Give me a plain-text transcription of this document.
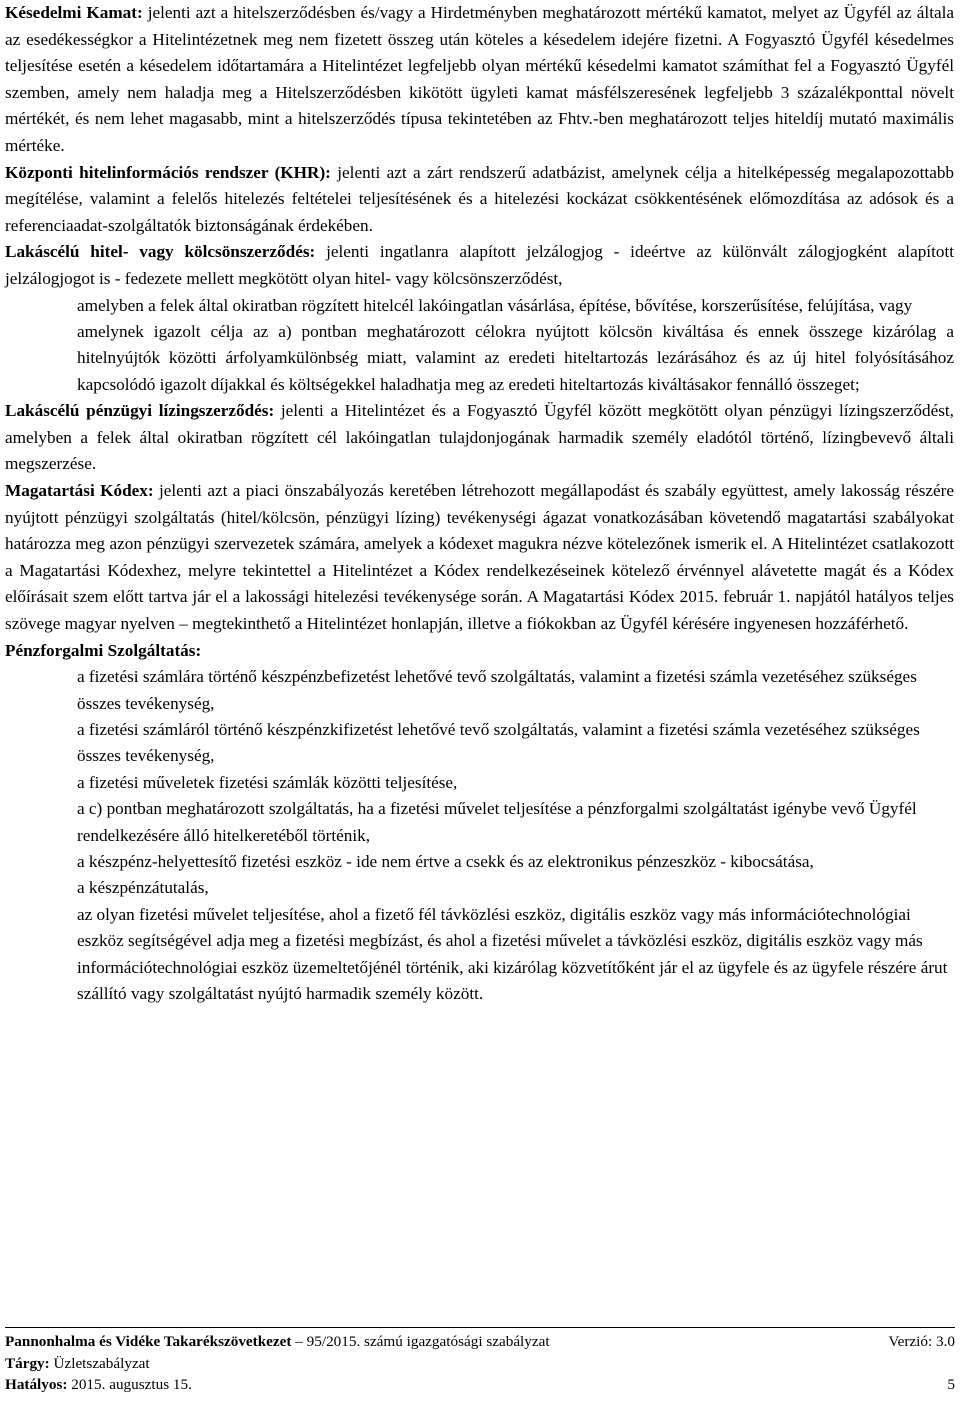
Késedelmi Kamat: jelenti azt a hitelszerződésben és/vagy a Hirdetményben meghatározott mértékű kamatot, melyet az Ügyfél az általa az esedékességkor a Hitelintézetnek meg nem fizetett összeg után köteles a késedelem idejére fizetni. A Fogyasztó Ügyfél késedelmes teljesítése esetén a késedelem időtartamára a Hitelintézet legfeljebb olyan mértékű késedelmi kamatot számíthat fel a Fogyasztó Ügyfél szemben, amely nem haladja meg a Hitelszerződésben kikötött ügyleti kamat másfélszeresének legfeljebb 3 százalékponttal növelt mértékét, és nem lehet magasabb, mint a hitelszerződés típusa tekintetében az Fhtv.-ben meghatározott teljes hiteldíj mutató maximális mértéke.

Központi hitelinformációs rendszer (KHR): jelenti azt a zárt rendszerű adatbázist, amelynek célja a hitelképesség megalapozottabb megítélése, valamint a felelős hitelezés feltételei teljesítésének és a hitelezési kockázat csökkentésének előmozdítása az adósok és a referenciaadat-szolgáltatók biztonságának érdekében.

Lakáscélú hitel- vagy kölcsönszerződés: jelenti ingatlanra alapított jelzálogjog - ideértve az különvált zálogjogként alapított jelzálogjogot is - fedezete mellett megkötött olyan hitel- vagy kölcsönszerződést,

amelyben a felek által okiratban rögzített hitelcél lakóingatlan vásárlása, építése, bővítése, korszerűsítése, felújítása, vagy
amelynek igazolt célja az a) pontban meghatározott célokra nyújtott kölcsön kiváltása és ennek összege kizárólag a hitelnyújtók közötti árfolyamkülönbség miatt, valamint az eredeti hiteltartozás lezárásához és az új hitel folyósításához kapcsolódó igazolt díjakkal és költségekkel haladhatja meg az eredeti hiteltartozás kiváltásakor fennálló összeget;

Lakáscélú pénzügyi lízingszerződés: jelenti a Hitelintézet és a Fogyasztó Ügyfél között megkötött olyan pénzügyi lízingszerződést, amelyben a felek által okiratban rögzített cél lakóingatlan tulajdonjogának harmadik személy eladótól történő, lízingbevevő általi megszerzése.

Magatartási Kódex: jelenti azt a piaci önszabályozás keretében létrehozott megállapodást és szabály együttest, amely lakosság részére nyújtott pénzügyi szolgáltatás (hitel/kölcsön, pénzügyi lízing) tevékenységi ágazat vonatkozásában követendő magatartási szabályokat határozza meg azon pénzügyi szervezetek számára, amelyek a kódexet magukra nézve kötelezőnek ismerik el. A Hitelintézet csatlakozott a Magatartási Kódexhez, melyre tekintettel a Hitelintézet a Kódex rendelkezéseinek kötelező érvénnyel alávetette magát és a Kódex előírásait szem előtt tartva jár el a lakossági hitelezési tevékenysége során. A Magatartási Kódex 2015. február 1. napjától hatályos teljes szövege magyar nyelven – megtekinthető a Hitelintézet honlapján, illetve a fiókokban az Ügyfél kérésére ingyenesen hozzáférhető.

Pénzforgalmi Szolgáltatás:

a fizetési számlára történő készpénzbefizetést lehetővé tevő szolgáltatás, valamint a fizetési számla vezetéséhez szükséges összes tevékenység,
a fizetési számláról történő készpénzkifizetést lehetővé tevő szolgáltatás, valamint a fizetési számla vezetéséhez szükséges összes tevékenység,
a fizetési műveletek fizetési számlák közötti teljesítése,
a c) pontban meghatározott szolgáltatás, ha a fizetési művelet teljesítése a pénzforgalmi szolgáltatást igénybe vevő Ügyfél rendelkezésére álló hitelkeretéből történik,
a készpénz-helyettesítő fizetési eszköz - ide nem értve a csekk és az elektronikus pénzeszköz - kibocsátása,
a készpénzátutalás,
az olyan fizetési művelet teljesítése, ahol a fizető fél távközlési eszköz, digitális eszköz vagy más információtechnológiai eszköz segítségével adja meg a fizetési megbízást, és ahol a fizetési művelet a távközlési eszköz, digitális eszköz vagy más információtechnológiai eszköz üzemeltetőjénél történik, aki kizárólag közvetítőként jár el az ügyfele és az ügyfele részére árut szállító vagy szolgáltatást nyújtó harmadik személy között.
Pannonhalma és Vidéke Takarékszövetkezet – 95/2015. számú igazgatósági szabályzat	Verzió: 3.0
Tárgy: Üzletszabályzat
Hatályos: 2015. augusztus 15.	5
